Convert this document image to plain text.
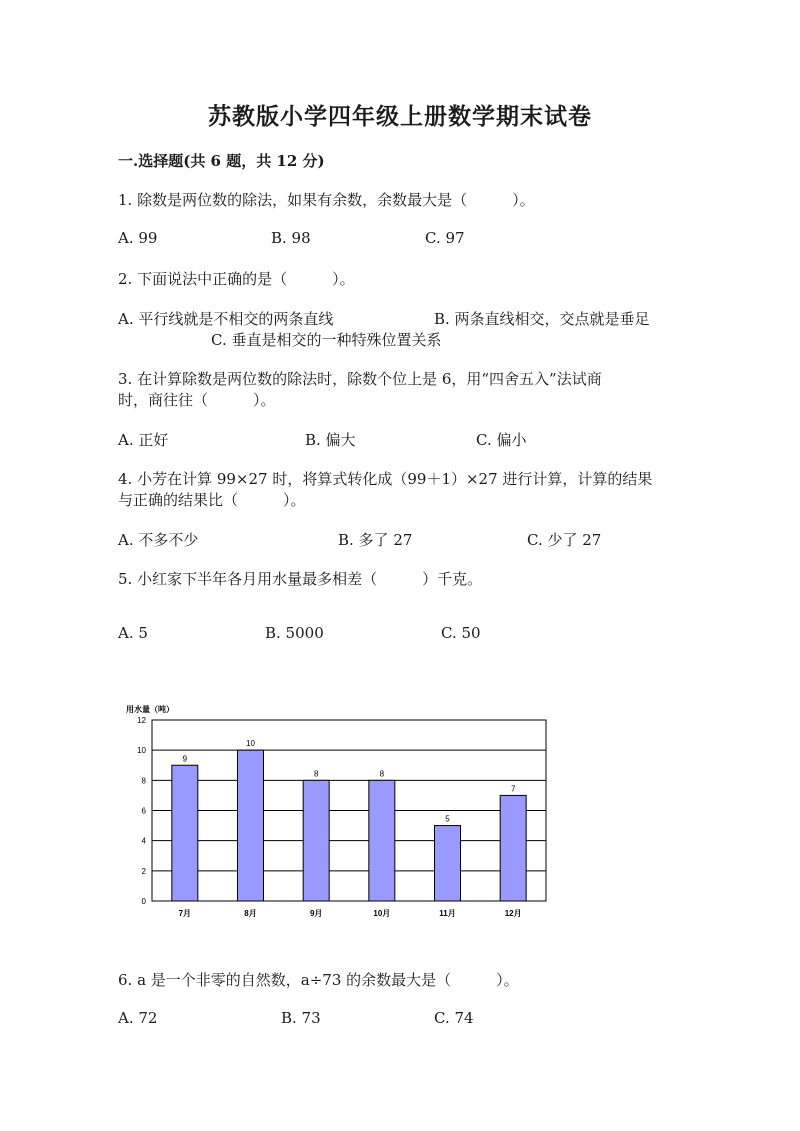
苏教版小学四年级上册数学期末试卷
一.选择题(共 6 题，共 12 分)
1. 除数是两位数的除法，如果有余数，余数最大是（　　　）。
A. 99	B. 98	C. 97
2. 下面说法中正确的是（　　　）。
A. 平行线就是不相交的两条直线	B. 两条直线相交，交点就是垂足
C. 垂直是相交的一种特殊位置关系
3. 在计算除数是两位数的除法时，除数个位上是 6，用“四舍五入”法试商
时，商往往（　　　）。
A. 正好	B. 偏大	C. 偏小
4. 小芳在计算 99×27 时，将算式转化成（99＋1）×27 进行计算，计算的结果
与正确的结果比（　　　）。
A. 不多不少	B. 多了 27	C. 少了 27
5. 小红家下半年各月用水量最多相差（　　　）千克。
A. 5	B. 5000	C. 50
用水量（吨）
0
2
4
6
8
10
12
9
7月
10
8月
8
9月
8
10月
5
11月
7
12月
6. a 是一个非零的自然数，a÷73 的余数最大是（　　　）。
A. 72	B. 73	C. 74
